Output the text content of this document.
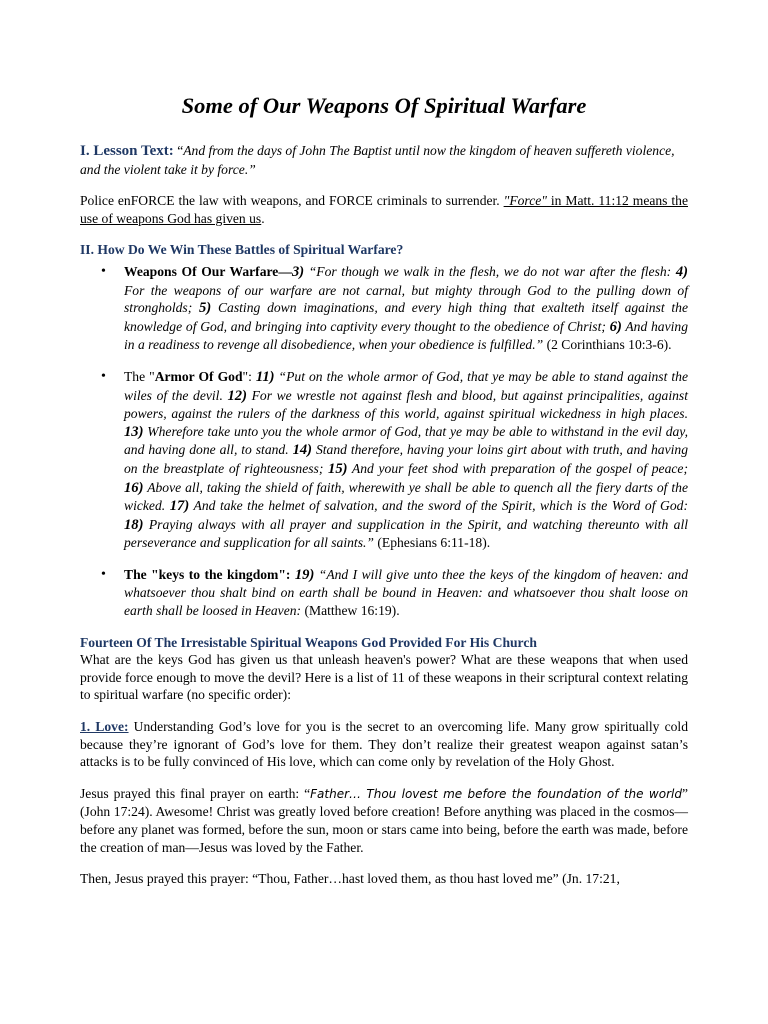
Some of Our Weapons Of Spiritual Warfare

I. Lesson Text: “And from the days of John The Baptist until now the kingdom of heaven suffereth violence, and the violent take it by force.”

Police enFORCE the law with weapons, and FORCE criminals to surrender. "Force" in Matt. 11:12 means the use of weapons God has given us.

II. How Do We Win These Battles of Spiritual Warfare?
• Weapons Of Our Warfare—3) “For though we walk in the flesh, we do not war after the flesh: 4) For the weapons of our warfare are not carnal, but mighty through God to the pulling down of strongholds; 5) Casting down imaginations, and every high thing that exalteth itself against the knowledge of God, and bringing into captivity every thought to the obedience of Christ; 6) And having in a readiness to revenge all disobedience, when your obedience is fulfilled.” (2 Corinthians 10:3-6).
• The "Armor Of God": 11) “Put on the whole armor of God, that ye may be able to stand against the wiles of the devil. 12) For we wrestle not against flesh and blood, but against principalities, against powers, against the rulers of the darkness of this world, against spiritual wickedness in high places. 13) Wherefore take unto you the whole armor of God, that ye may be able to withstand in the evil day, and having done all, to stand. 14) Stand therefore, having your loins girt about with truth, and having on the breastplate of righteousness; 15) And your feet shod with preparation of the gospel of peace; 16) Above all, taking the shield of faith, wherewith ye shall be able to quench all the fiery darts of the wicked. 17) And take the helmet of salvation, and the sword of the Spirit, which is the Word of God: 18) Praying always with all prayer and supplication in the Spirit, and watching thereunto with all perseverance and supplication for all saints.” (Ephesians 6:11-18).
• The "keys to the kingdom": 19) “And I will give unto thee the keys of the kingdom of heaven: and whatsoever thou shalt bind on earth shall be bound in Heaven: and whatsoever thou shalt loose on earth shall be loosed in Heaven: (Matthew 16:19).
Fourteen Of The Irresistable Spiritual Weapons God Provided For His Church

What are the keys God has given us that unleash heaven's power? What are these weapons that when used provide force enough to move the devil? Here is a list of 11 of these weapons in their scriptural context relating to spiritual warfare (no specific order):

1. Love: Understanding God’s love for you is the secret to an overcoming life. Many grow spiritually cold because they’re ignorant of God’s love for them. They don’t realize their greatest weapon against satan’s attacks is to be fully convinced of His love, which can come only by revelation of the Holy Ghost.

Jesus prayed this final prayer on earth: “Father… Thou lovest me before the foundation of the world” (John 17:24). Awesome! Christ was greatly loved before creation! Before anything was placed in the cosmos—before any planet was formed, before the sun, moon or stars came into being, before the earth was made, before the creation of man—Jesus was loved by the Father.

Then, Jesus prayed this prayer: “Thou, Father…hast loved them, as thou hast loved me” (Jn. 17:21,
